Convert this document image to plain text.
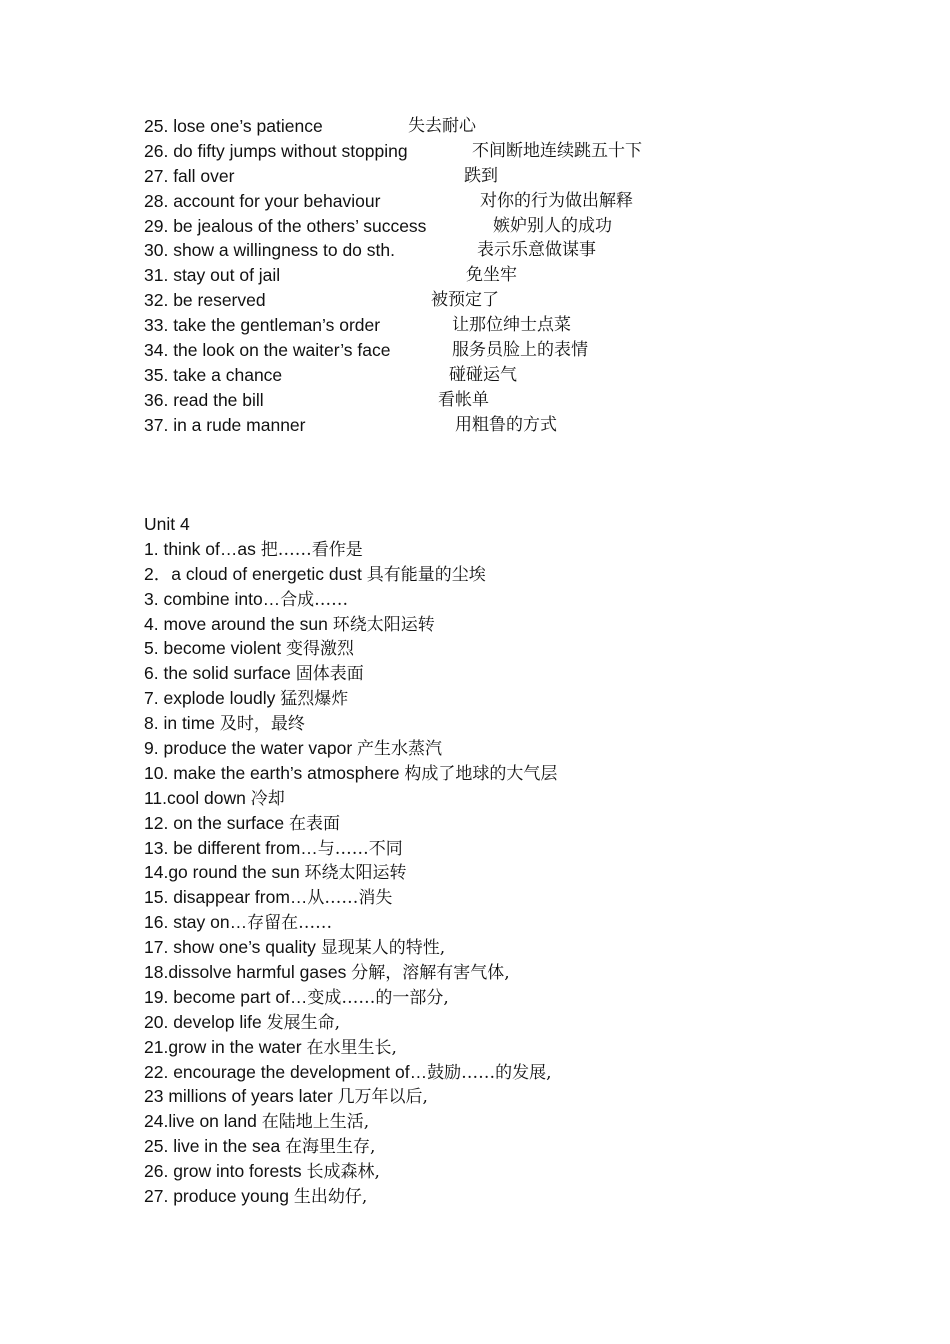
25. lose one’s patience	失去耐心
26. do fifty jumps without stopping	不间断地连续跳五十下
27. fall over	跌到
28. account for your behaviour	对你的行为做出解释
29. be jealous of the others’ success	嫉妒别人的成功
30. show a willingness to do sth.	表示乐意做谋事
31. stay out of jail	免坐牢
32. be reserved	被预定了
33. take the gentleman’s order	让那位绅士点菜
34. the look on the waiter’s face	服务员脸上的表情
35. take a chance	碰碰运气
36. read the bill	看帐单
37. in a rude manner	用粗鲁的方式
Unit 4
1. think of…as 把……看作是
2．a cloud of energetic dust 具有能量的尘埃
3. combine into…合成……
4. move around the sun 环绕太阳运转
5. become violent 变得激烈
6. the solid surface 固体表面
7. explode loudly 猛烈爆炸
8. in time 及时，最终
9. produce the water vapor 产生水蒸汽
10. make the earth’s atmosphere 构成了地球的大气层
11.cool down 冷却
12. on the surface 在表面
13. be different from…与……不同
14.go round the sun 环绕太阳运转
15. disappear from…从……消失
16. stay on…存留在……
17. show one’s quality 显现某人的特性,
18.dissolve harmful gases 分解，溶解有害气体,
19. become part of…变成……的一部分,
20. develop life 发展生命,
21.grow in the water 在水里生长,
22. encourage the development of…鼓励……的发展,
23 millions of years later 几万年以后,
24.live on land 在陆地上生活,
25. live in the sea 在海里生存,
26. grow into forests 长成森林,
27. produce young 生出幼仔,
